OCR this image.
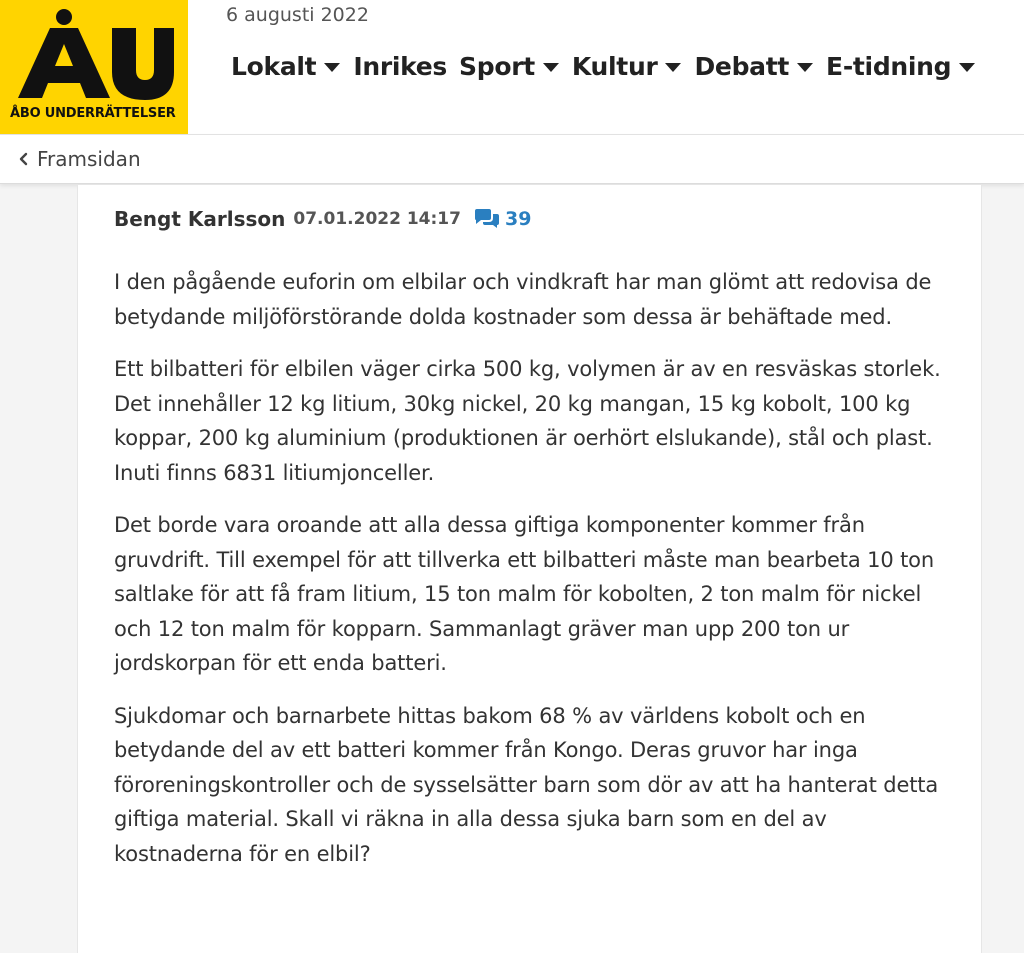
ÅBO UNDERRÄTTELSER
6 augusti 2022
Lokalt Inrikes Sport Kultur Debatt E-tidning
Framsidan
Bengt Karlsson 07.01.2022 14:17 39

I den pågående euforin om elbilar och vindkraft har man glömt att redovisa de betydande miljöförstörande dolda kostnader som dessa är behäftade med.

Ett bilbatteri för elbilen väger cirka 500 kg, volymen är av en resväskas storlek. Det innehåller 12 kg litium, 30kg nickel, 20 kg mangan, 15 kg kobolt, 100 kg koppar, 200 kg aluminium (produktionen är oerhört elslukande), stål och plast. Inuti finns 6831 litiumjonceller.

Det borde vara oroande att alla dessa giftiga komponenter kommer från gruvdrift. Till exempel för att tillverka ett bilbatteri måste man bearbeta 10 ton saltlake för att få fram litium, 15 ton malm för kobolten, 2 ton malm för nickel och 12 ton malm för kopparn. Sammanlagt gräver man upp 200 ton ur jordskorpan för ett enda batteri.

Sjukdomar och barnarbete hittas bakom 68 % av världens kobolt och en betydande del av ett batteri kommer från Kongo. Deras gruvor har inga föroreningskontroller och de sysselsätter barn som dör av att ha hanterat detta giftiga material. Skall vi räkna in alla dessa sjuka barn som en del av kostnaderna för en elbil?
